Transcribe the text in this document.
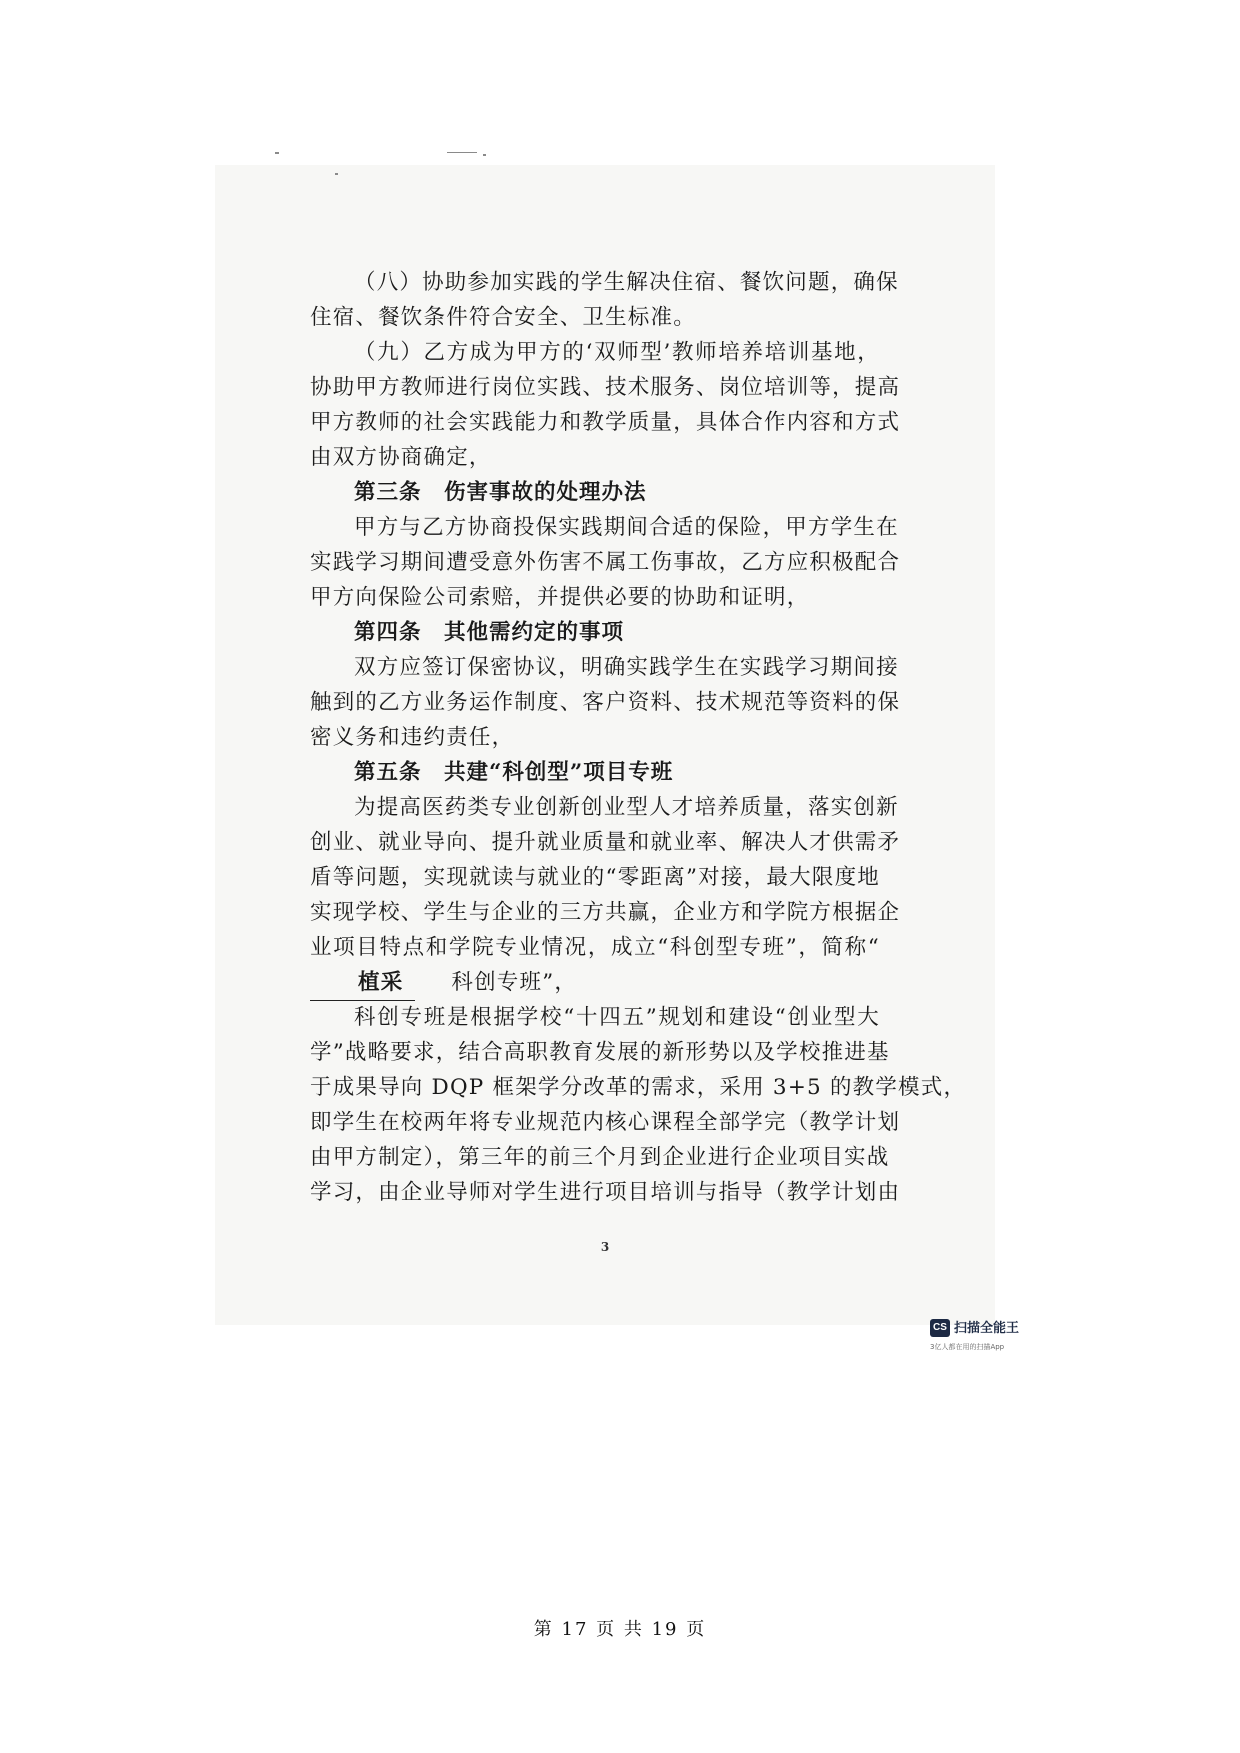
（八）协助参加实践的学生解决住宿、餐饮问题，确保
住宿、餐饮条件符合安全、卫生标准。
（九）乙方成为甲方的‘双师型’教师培养培训基地，
协助甲方教师进行岗位实践、技术服务、岗位培训等，提高
甲方教师的社会实践能力和教学质量，具体合作内容和方式
由双方协商确定，
第三条　伤害事故的处理办法
甲方与乙方协商投保实践期间合适的保险，甲方学生在
实践学习期间遭受意外伤害不属工伤事故，乙方应积极配合
甲方向保险公司索赔，并提供必要的协助和证明，
第四条　其他需约定的事项
双方应签订保密协议，明确实践学生在实践学习期间接
触到的乙方业务运作制度、客户资料、技术规范等资料的保
密义务和违约责任，
第五条　共建“科创型”项目专班
为提高医药类专业创新创业型人才培养质量，落实创新
创业、就业导向、提升就业质量和就业率、解决人才供需矛
盾等问题，实现就读与就业的“零距离”对接，最大限度地
实现学校、学生与企业的三方共赢，企业方和学院方根据企
业项目特点和学院专业情况，成立“科创型专班”，简称“
植采 科创专班”，
科创专班是根据学校“十四五”规划和建设“创业型大
学”战略要求，结合高职教育发展的新形势以及学校推进基
于成果导向 DQP 框架学分改革的需求，采用 3+5 的教学模式，
即学生在校两年将专业规范内核心课程全部学完（教学计划
由甲方制定），第三年的前三个月到企业进行企业项目实战
学习，由企业导师对学生进行项目培训与指导（教学计划由
3
CS 扫描全能王
3亿人都在用的扫描App
第 17 页 共 19 页
